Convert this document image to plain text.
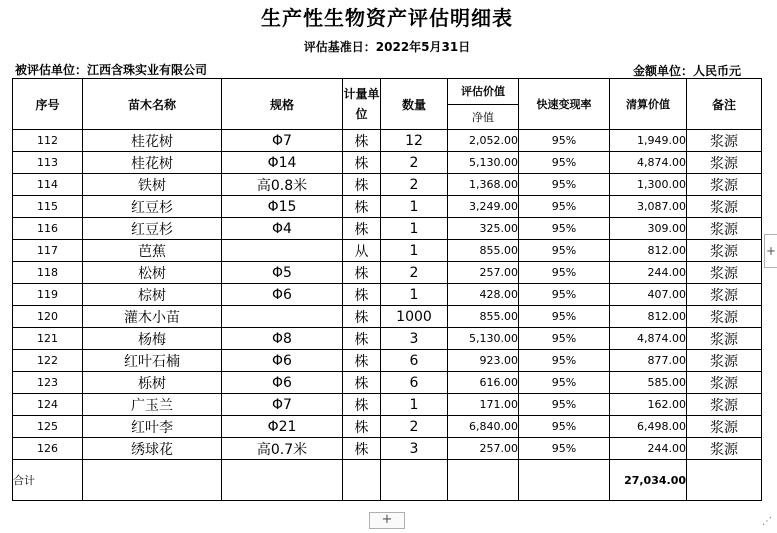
生产性生物资产评估明细表
评估基准日：2022年5月31日
被评估单位：江西含珠实业有限公司	金额单位：人民币元
序号	苗木名称	规格	计量单位	数量	评估价值	快速变现率	清算价值	备注
					净值			
112	桂花树	Φ7	株	12	2,052.00	95%	1,949.00	浆源
113	桂花树	Φ14	株	2	5,130.00	95%	4,874.00	浆源
114	铁树	高0.8米	株	2	1,368.00	95%	1,300.00	浆源
115	红豆杉	Φ15	株	1	3,249.00	95%	3,087.00	浆源
116	红豆杉	Φ4	株	1	325.00	95%	309.00	浆源
117	芭蕉		从	1	855.00	95%	812.00	浆源
118	松树	Φ5	株	2	257.00	95%	244.00	浆源
119	棕树	Φ6	株	1	428.00	95%	407.00	浆源
120	灌木小苗		株	1000	855.00	95%	812.00	浆源
121	杨梅	Φ8	株	3	5,130.00	95%	4,874.00	浆源
122	红叶石楠	Φ6	株	6	923.00	95%	877.00	浆源
123	栎树	Φ6	株	6	616.00	95%	585.00	浆源
124	广玉兰	Φ7	株	1	171.00	95%	162.00	浆源
125	红叶李	Φ21	株	2	6,840.00	95%	6,498.00	浆源
126	绣球花	高0.7米	株	3	257.00	95%	244.00	浆源
合计							27,034.00	
+
+
⋰
